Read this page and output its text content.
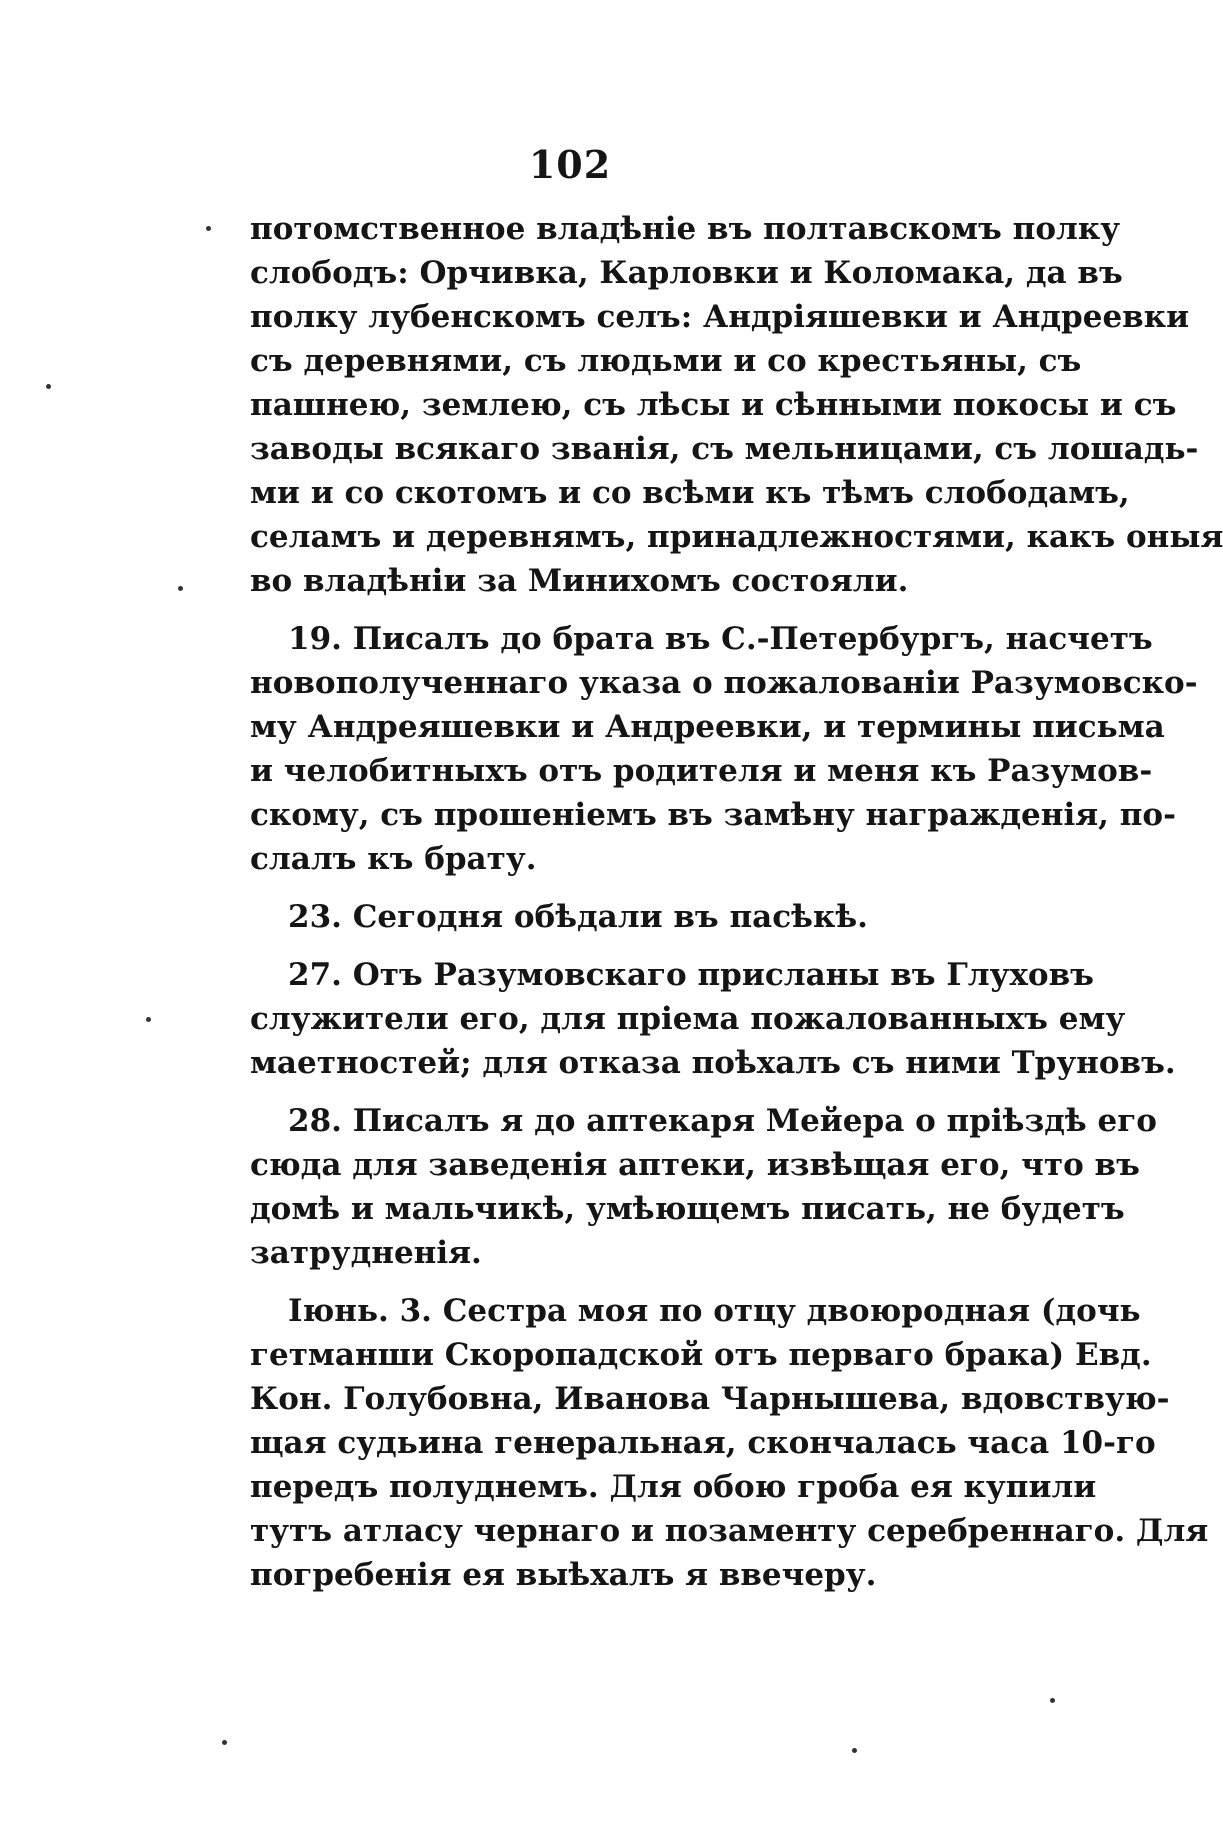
102
потомственное владѣніе въ полтавскомъ полку
слободъ: Орчивка, Карловки и Коломака, да въ
полку лубенскомъ селъ: Андріяшевки и Андреевки
съ деревнями, съ людьми и со крестьяны, съ
пашнею, землею, съ лѣсы и сѣнными покосы и съ
заводы всякаго званія, съ мельницами, съ лошадь-
ми и со скотомъ и со всѣми къ тѣмъ слободамъ,
селамъ и деревнямъ, принадлежностями, какъ оныя
во владѣніи за Минихомъ состояли.
19. Писалъ до брата въ С.-Петербургъ, насчетъ
новополученнаго указа о пожалованіи Разумовско-
му Андреяшевки и Андреевки, и термины письма
и челобитныхъ отъ родителя и меня къ Разумов-
скому, съ прошеніемъ въ замѣну награжденія, по-
слалъ къ брату.
23. Сегодня обѣдали въ пасѣкѣ.
27. Отъ Разумовскаго присланы въ Глуховъ
служители его, для пріема пожалованныхъ ему
маетностей; для отказа поѣхалъ съ ними Труновъ.
28. Писалъ я до аптекаря Мейера о пріѣздѣ его
сюда для заведенія аптеки, извѣщая его, что въ
домѣ и мальчикѣ, умѣющемъ писать, не будетъ
затрудненія.
Іюнь. 3. Сестра моя по отцу двоюродная (дочь
гетманши Скоропадской отъ перваго брака) Евд.
Кон. Голубовна, Иванова Чарнышева, вдовствую-
щая судьина генеральная, скончалась часа 10-го
передъ полуднемъ. Для обою гроба ея купили
тутъ атласу чернаго и позаменту серебреннаго. Для
погребенія ея выѣхалъ я ввечеру.
